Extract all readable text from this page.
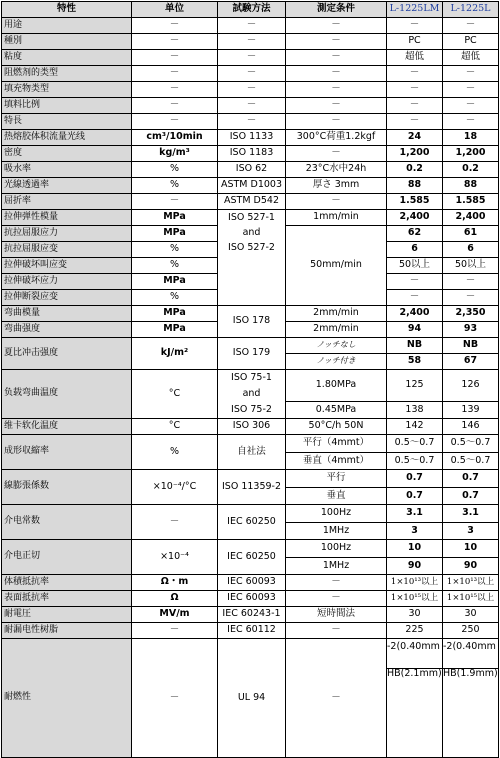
特性	单位	試験方法	測定条件	L-1225LM	L-1225L
用途	－	－	－	－	－
種別	－	－	－	PC	PC
粘度	－	－	－	超低	超低
阻燃剂的类型	－	－	－	－	－
填充物类型	－	－	－	－	－
填料比例	－	－	－	－	－
特長	－	－	－	－	－
热熔胶体积流量光线	cm³/10min	ISO 1133	300°C荷重1.2kgf	24	18
密度	kg/m³	ISO 1183	－	1,200	1,200
吸水率	%	ISO 62	23°C水中24h	0.2	0.2
光線透過率	%	ASTM D1003	厚さ 3mm	88	88
屈折率	－	ASTM D542	－	1.585	1.585
拉伸弹性模量	MPa	ISO 527-1
and
ISO 527-2	1mm/min	2,400	2,400
抗拉屈服应力	MPa		50mm/min	62	61
抗拉屈服应变	%			6	6
拉伸破坏叫应变	%			50以上	50以上
拉伸破坏应力	MPa			－	－
拉伸断裂应变	%			－	－
弯曲模量	MPa	ISO 178	2mm/min	2,400	2,350
弯曲强度	MPa		2mm/min	94	93
夏比冲击强度	kJ/m²	ISO 179	ノッチなし	NB	NB
			ノッチ付き	58	67
负载弯曲温度	°C	ISO 75-1
and
ISO 75-2	1.80MPa	125	126
			0.45MPa	138	139
维卡软化温度	°C	ISO 306	50°C/h 50N	142	146
成形収縮率	%	自社法	平行（4mmt）	0.5～0.7	0.5～0.7
			垂直（4mmt）	0.5～0.7	0.5～0.7
線膨張係数	×10⁻⁴/°C	ISO 11359-2	平行	0.7	0.7
			垂直	0.7	0.7
介电常数	－	IEC 60250	100Hz	3.1	3.1
			1MHz	3	3
介电正切	×10⁻⁴	IEC 60250	100Hz	10	10
			1MHz	90	90
体積抵抗率	Ω・m	IEC 60093	－	1×10¹³以上	1×10¹³以上
表面抵抗率	Ω	IEC 60093	－	1×10¹⁵以上	1×10¹⁵以上
耐電圧	MV/m	IEC 60243-1	短時間法	30	30
耐漏电性树脂	－	IEC 60112	－	225	250
耐燃性	－	UL 94	－	-2(0.40mm	-2(0.40mm
				HB(2.1mm)	HB(1.9mm)
